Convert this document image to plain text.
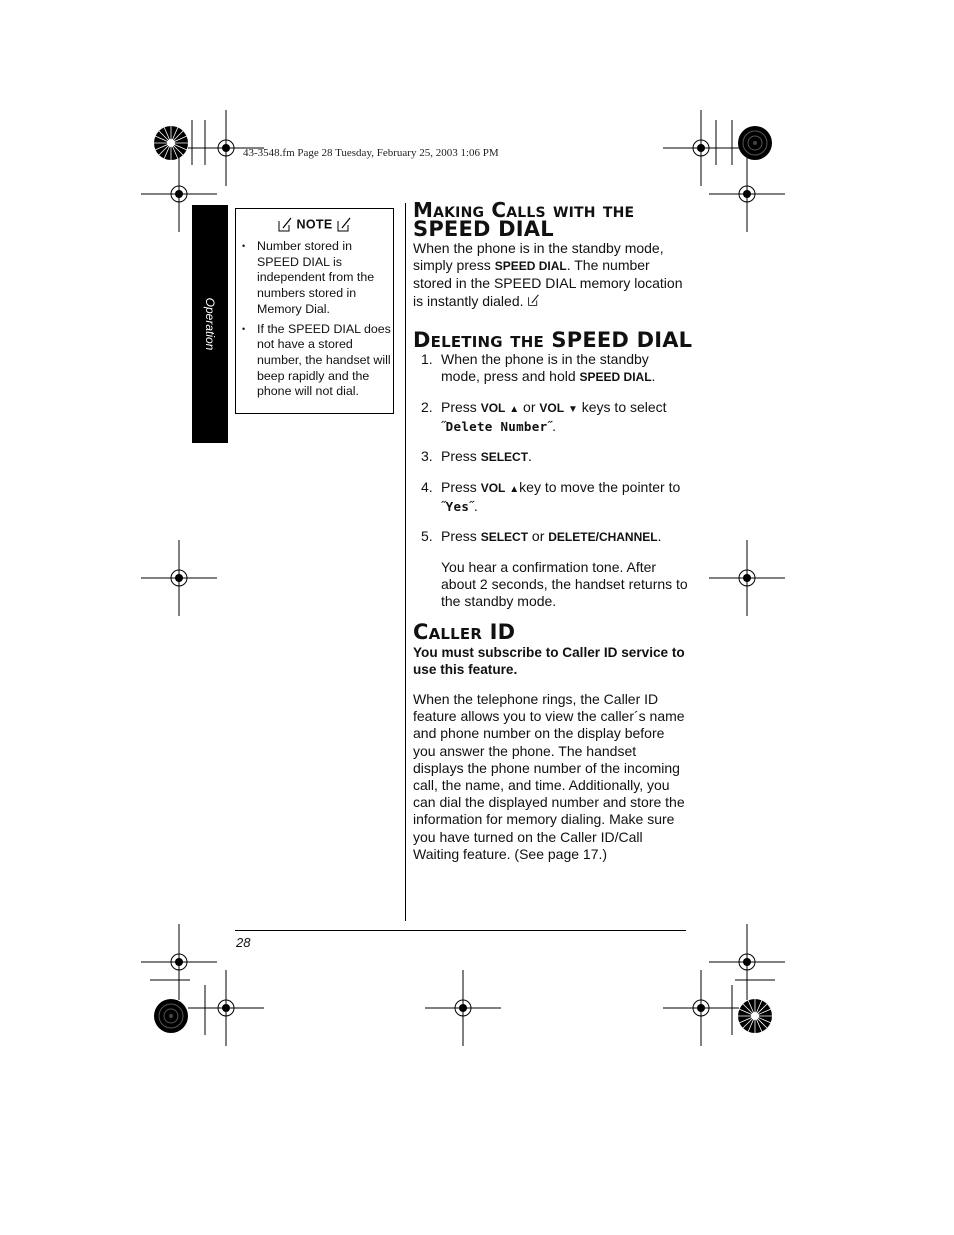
43-3548.fm Page 28 Tuesday, February 25, 2003 1:06 PM
Operation
NOTE
• Number stored in SPEED DIAL is independent from the numbers stored in Memory Dial.
• If the SPEED DIAL does not have a stored number, the handset will beep rapidly and the phone will not dial.
Making Calls with the
SPEED DIAL
When the phone is in the standby mode, simply press SPEED DIAL. The number stored in the SPEED DIAL memory location is instantly dialed.
Deleting the SPEED DIAL
1. When the phone is in the standby mode, press and hold SPEED DIAL.
2. Press VOL ▲ or VOL ▼ keys to select ˝Delete Number˝.
3. Press SELECT.
4. Press VOL ▲key to move the pointer to ˝Yes˝.
5. Press SELECT or DELETE/CHANNEL.
You hear a confirmation tone. After about 2 seconds, the handset returns to the standby mode.
Caller ID
You must subscribe to Caller ID service to use this feature.
When the telephone rings, the Caller ID feature allows you to view the caller´s name and phone number on the display before you answer the phone. The handset displays the phone number of the incoming call, the name, and time. Additionally, you can dial the displayed number and store the information for memory dialing. Make sure you have turned on the Caller ID/Call Waiting feature. (See page 17.)
28
